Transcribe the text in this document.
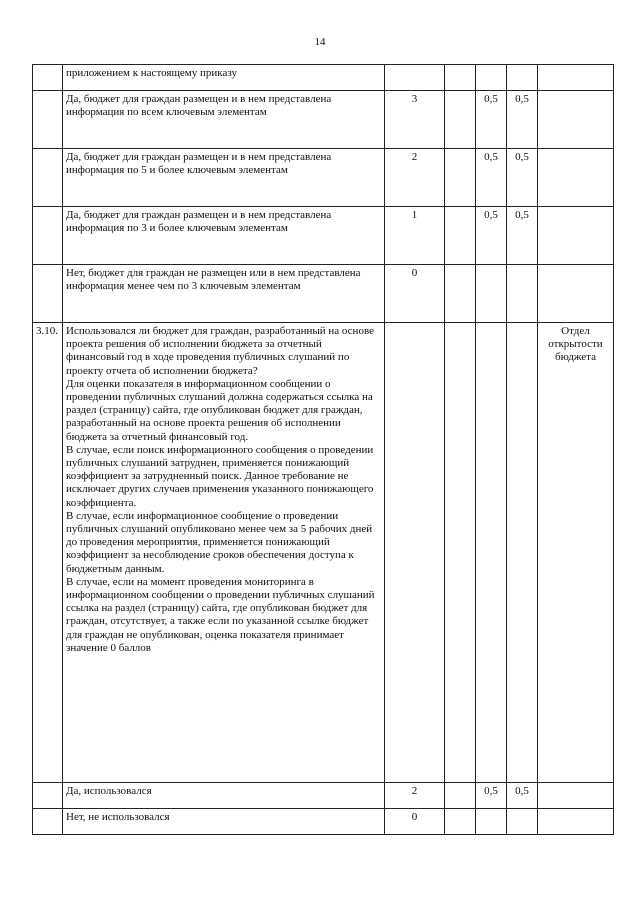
14
	приложением к настоящему приказу					
	Да, бюджет для граждан размещен и в нем представлена информация по всем ключевым элементам	3		0,5	0,5	
	Да, бюджет для граждан размещен и в нем представлена информация по 5 и более ключевым элементам	2		0,5	0,5	
	Да, бюджет для граждан размещен и в нем представлена информация по 3 и более ключевым элементам	1		0,5	0,5	
	Нет, бюджет для граждан не размещен или в нем представлена информация менее чем по 3 ключевым элементам	0				
3.10.	Использовался ли бюджет для граждан, разработанный на основе проекта решения об исполнении бюджета за отчетный финансовый год в ходе проведения публичных слушаний по проекту отчета об исполнении бюджета?
Для оценки показателя в информационном сообщении о проведении публичных слушаний должна содержаться ссылка на раздел (страницу) сайта, где опубликован бюджет для граждан, разработанный на основе проекта решения об исполнении бюджета за отчетный финансовый год.
В случае, если поиск информационного сообщения о проведении публичных слушаний затруднен, применяется понижающий коэффициент за затрудненный поиск. Данное требование не исключает других случаев применения указанного понижающего коэффициента.
В случае, если информационное сообщение о проведении публичных слушаний опубликовано менее чем за 5 рабочих дней до проведения мероприятия, применяется понижающий коэффициент за несоблюдение сроков обеспечения доступа к бюджетным данным.
В случае, если на момент проведения мониторинга в информационном сообщении о проведении публичных слушаний ссылка на раздел (страницу) сайта, где опубликован бюджет для граждан, отсутствует, а также если по указанной ссылке бюджет для граждан не опубликован, оценка показателя принимает значение 0 баллов					Отдел открытости бюджета
	Да, использовался	2		0,5	0,5	
	Нет, не использовался	0				
